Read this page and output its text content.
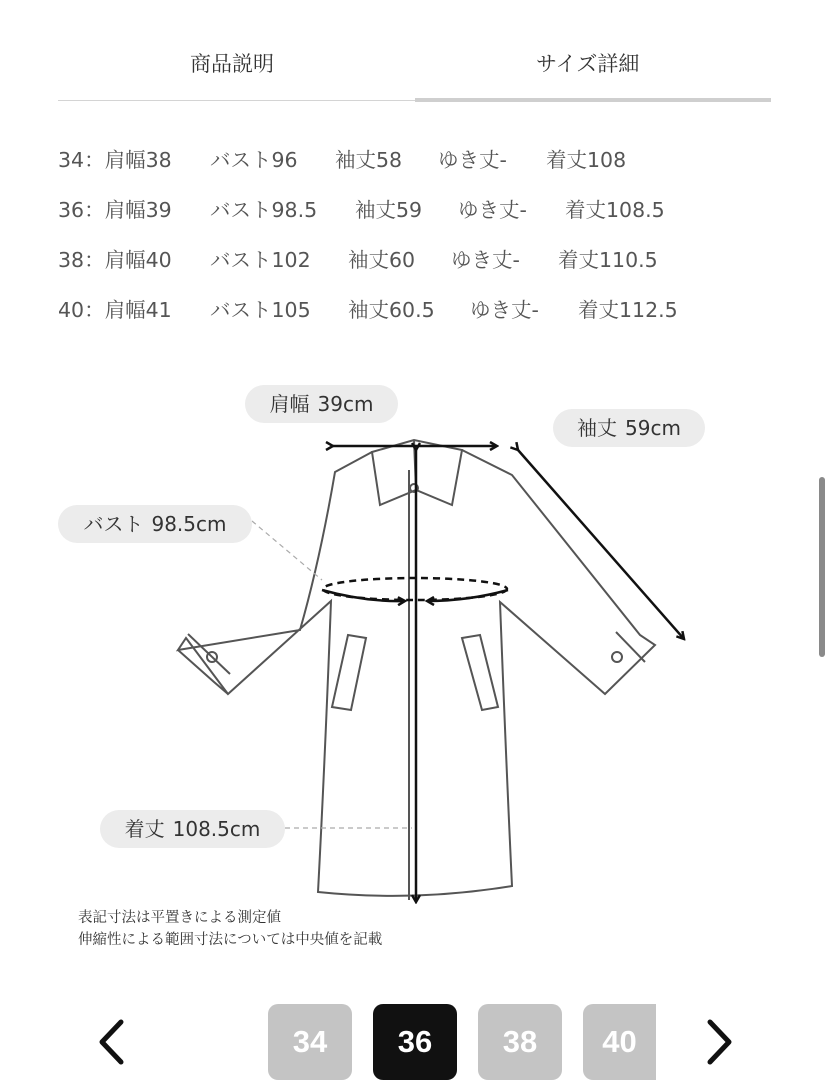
商品説明	サイズ詳細
34：肩幅38 バスト96 袖丈58 ゆき丈- 着丈108
36：肩幅39 バスト98.5 袖丈59 ゆき丈- 着丈108.5
38：肩幅40 バスト102 袖丈60 ゆき丈- 着丈110.5
40：肩幅41 バスト105 袖丈60.5 ゆき丈- 着丈112.5
肩幅 39cm
袖丈 59cm
バスト 98.5cm
着丈 108.5cm
表記寸法は平置きによる測定値
伸縮性による範囲寸法については中央値を記載
34	36	38	40
